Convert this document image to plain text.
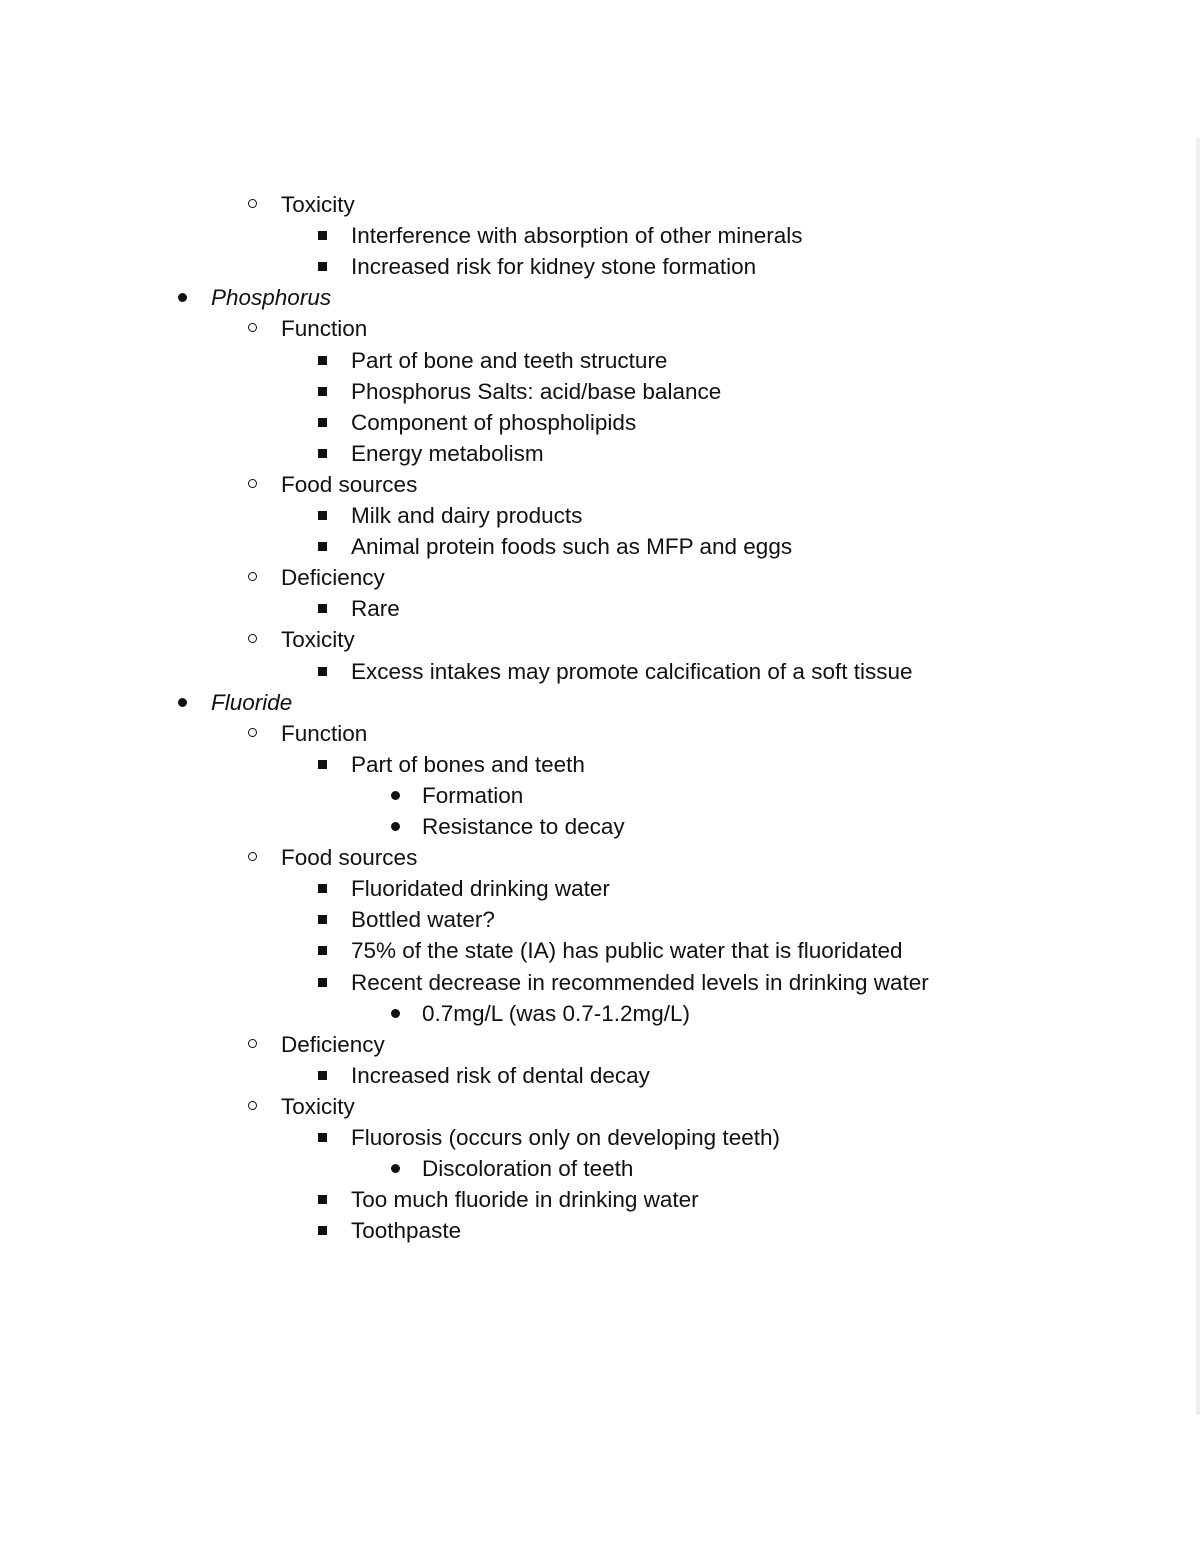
Toxicity
Interference with absorption of other minerals
Increased risk for kidney stone formation
Phosphorus
Function
Part of bone and teeth structure
Phosphorus Salts: acid/base balance
Component of phospholipids
Energy metabolism
Food sources
Milk and dairy products
Animal protein foods such as MFP and eggs
Deficiency
Rare
Toxicity
Excess intakes may promote calcification of a soft tissue
Fluoride
Function
Part of bones and teeth
Formation
Resistance to decay
Food sources
Fluoridated drinking water
Bottled water?
75% of the state (IA) has public water that is fluoridated
Recent decrease in recommended levels in drinking water
0.7mg/L (was 0.7-1.2mg/L)
Deficiency
Increased risk of dental decay
Toxicity
Fluorosis (occurs only on developing teeth)
Discoloration of teeth
Too much fluoride in drinking water
Toothpaste
